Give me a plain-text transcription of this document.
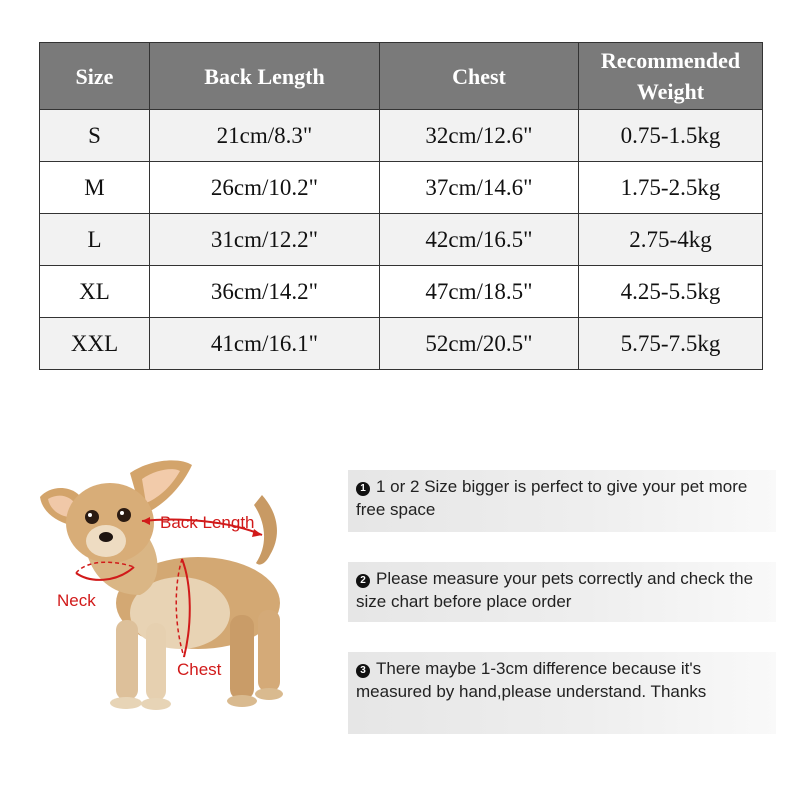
Size	Back Length	Chest	Recommended Weight
S	21cm/8.3"	32cm/12.6"	0.75-1.5kg
M	26cm/10.2"	37cm/14.6"	1.75-2.5kg
L	31cm/12.2"	42cm/16.5"	2.75-4kg
XL	36cm/14.2"	47cm/18.5"	4.25-5.5kg
XXL	41cm/16.1"	52cm/20.5"	5.75-7.5kg
Back Length
Neck
Chest
1 1 or 2 Size bigger is perfect to give your pet more free space
2 Please measure your pets correctly and check the size chart before place order
3 There maybe 1-3cm difference because it's measured by hand,please understand. Thanks
